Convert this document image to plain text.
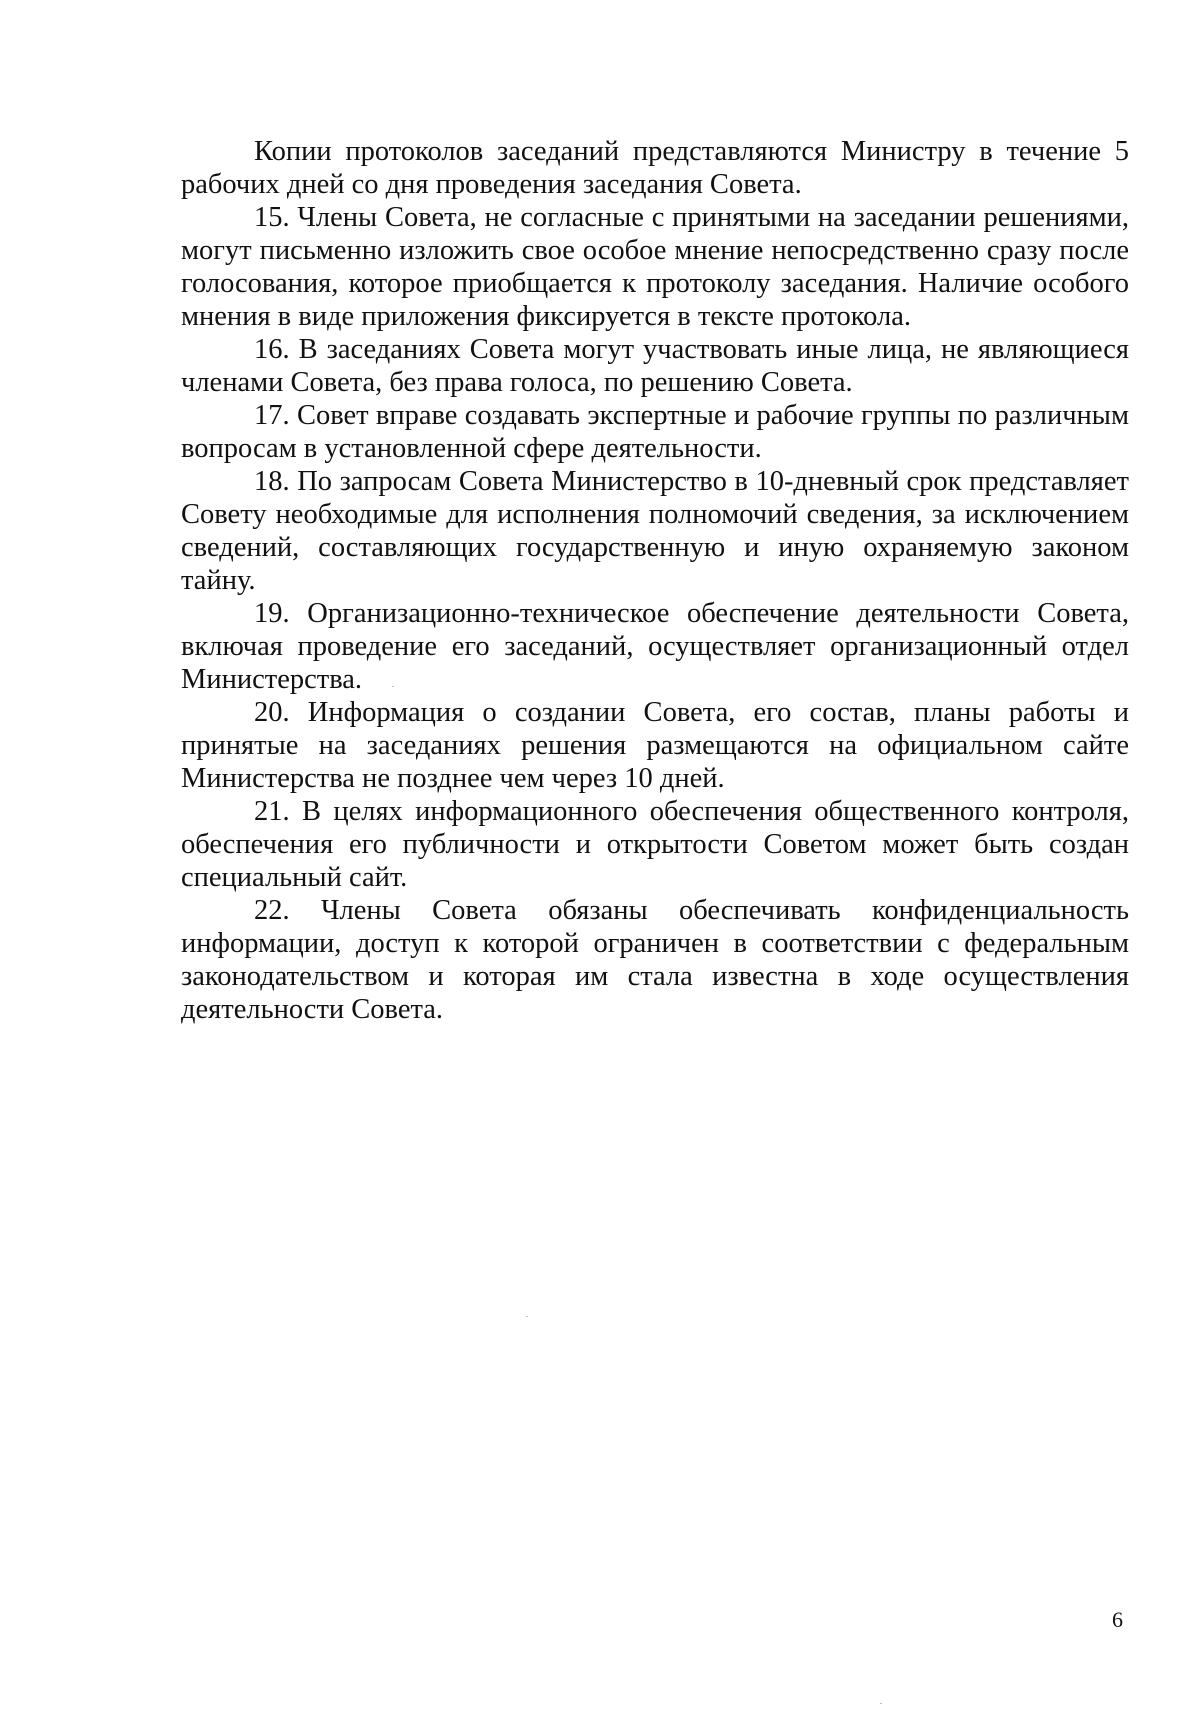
Копии протоколов заседаний представляются Министру в течение 5 рабочих дней со дня проведения заседания Совета.

15. Члены Совета, не согласные с принятыми на заседании решениями, могут письменно изложить свое особое мнение непосредственно сразу после голосования, которое приобщается к протоколу заседания. Наличие особого мнения в виде приложения фиксируется в тексте протокола.

16. В заседаниях Совета могут участвовать иные лица, не являющиеся членами Совета, без права голоса, по решению Совета.

17. Совет вправе создавать экспертные и рабочие группы по различным вопросам в установленной сфере деятельности.

18. По запросам Совета Министерство в 10-дневный срок представляет Совету необходимые для исполнения полномочий сведения, за исключением сведений, составляющих государственную и иную охраняемую законом тайну.

19. Организационно-техническое обеспечение деятельности Совета, включая проведение его заседаний, осуществляет организационный отдел Министерства.

20. Информация о создании Совета, его состав, планы работы и принятые на заседаниях решения размещаются на официальном сайте Министерства не позднее чем через 10 дней.

21. В целях информационного обеспечения общественного контроля, обеспечения его публичности и открытости Советом может быть создан специальный сайт.

22. Члены Совета обязаны обеспечивать конфиденциальность информации, доступ к которой ограничен в соответствии с федеральным законодательством и которая им стала известна в ходе осуществления деятельности Совета.

6
